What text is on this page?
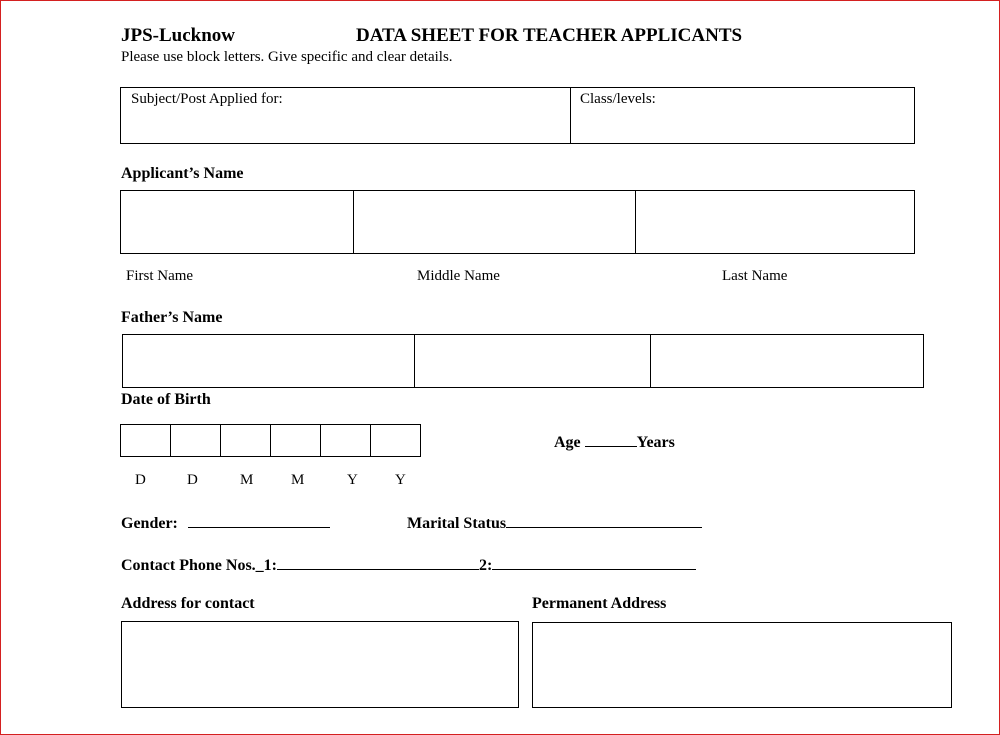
JPS-Lucknow	DATA SHEET FOR TEACHER APPLICANTS
Please use block letters. Give specific and clear details.
Subject/Post Applied for:	Class/levels:
Applicant’s Name
First Name	Middle Name	Last Name
Father’s Name
Date of Birth
D	D	M	M	Y Y
Age	Years
Gender:	Marital Status
Contact Phone Nos._1:	2:
Address for contact	Permanent Address
